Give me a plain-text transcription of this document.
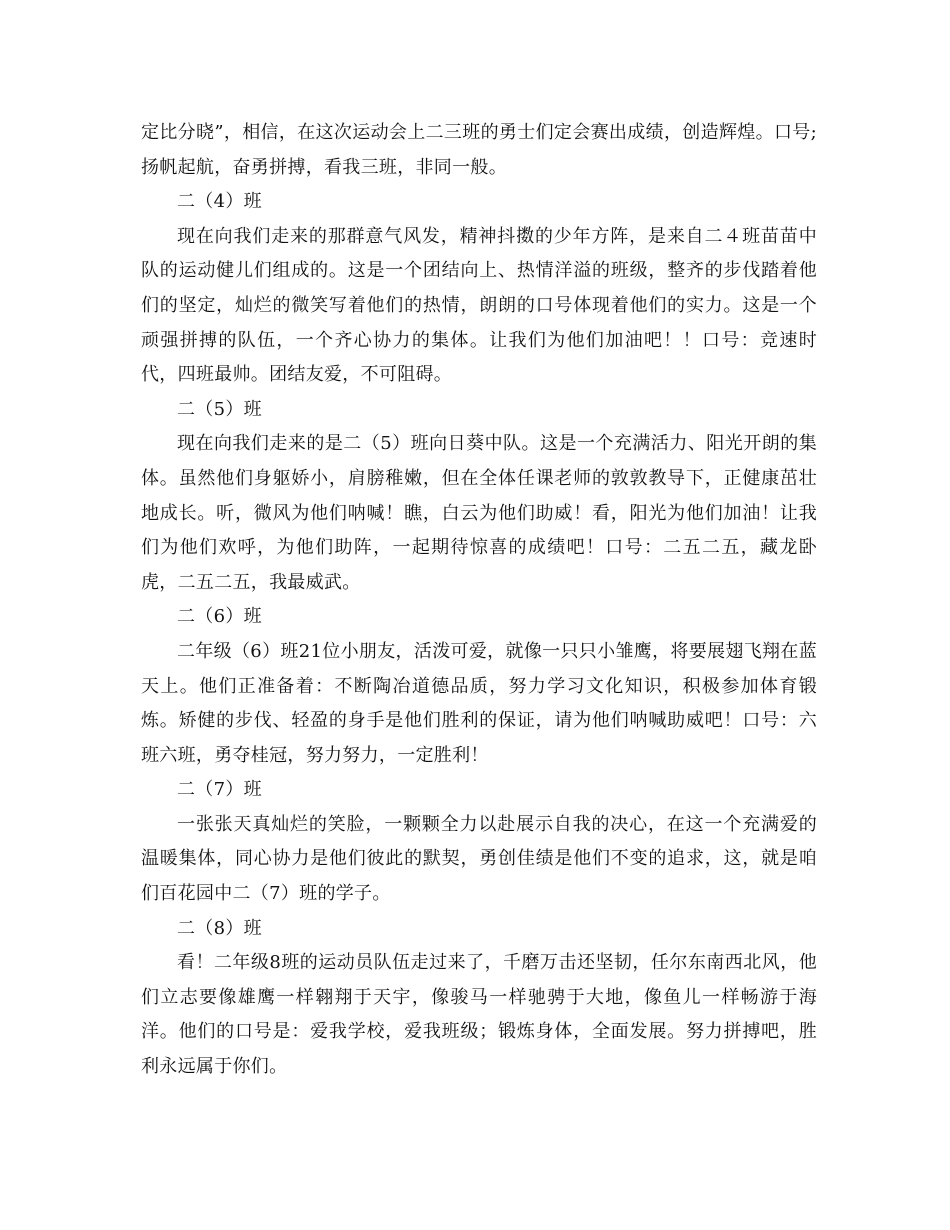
定比分晓”，相信，在这次运动会上二三班的勇士们定会赛出成绩，创造辉煌。口号;扬帆起航，奋勇拼搏，看我三班，非同一般。

二（4）班

现在向我们走来的那群意气风发，精神抖擞的少年方阵，是来自二４班苗苗中队的运动健儿们组成的。这是一个团结向上、热情洋溢的班级，整齐的步伐踏着他们的坚定，灿烂的微笑写着他们的热情，朗朗的口号体现着他们的实力。这是一个顽强拼搏的队伍，一个齐心协力的集体。让我们为他们加油吧！！口号：竞速时代，四班最帅。团结友爱，不可阻碍。

二（5）班

现在向我们走来的是二（5）班向日葵中队。这是一个充满活力、阳光开朗的集体。虽然他们身躯娇小，肩膀稚嫩，但在全体任课老师的敦敦教导下，正健康茁壮地成长。听，微风为他们呐喊！瞧，白云为他们助威！看，阳光为他们加油！让我们为他们欢呼，为他们助阵，一起期待惊喜的成绩吧！口号：二五二五，藏龙卧虎，二五二五，我最威武。

二（6）班

二年级（6）班21位小朋友，活泼可爱，就像一只只小雏鹰，将要展翅飞翔在蓝天上。他们正准备着：不断陶冶道德品质，努力学习文化知识，积极参加体育锻炼。矫健的步伐、轻盈的身手是他们胜利的保证，请为他们呐喊助威吧！口号：六班六班，勇夺桂冠，努力努力，一定胜利！

二（7）班

一张张天真灿烂的笑脸，一颗颗全力以赴展示自我的决心，在这一个充满爱的温暖集体，同心协力是他们彼此的默契，勇创佳绩是他们不变的追求，这，就是咱们百花园中二（7）班的学子。

二（8）班

看！二年级8班的运动员队伍走过来了，千磨万击还坚韧，任尔东南西北风，他们立志要像雄鹰一样翱翔于天宇，像骏马一样驰骋于大地，像鱼儿一样畅游于海洋。他们的口号是：爱我学校，爱我班级；锻炼身体，全面发展。努力拼搏吧，胜利永远属于你们。
